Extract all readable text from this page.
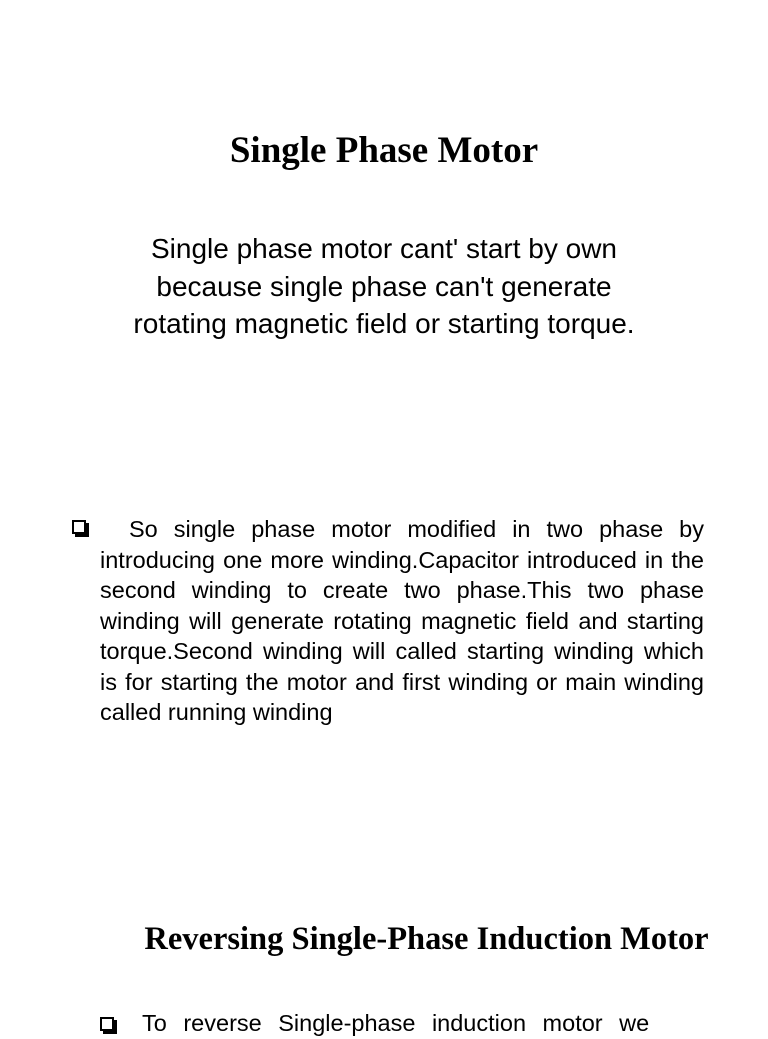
Single Phase Motor

Single phase motor cant' start by own because single phase can't generate rotating magnetic field or starting torque.

So single phase motor modified in two phase by introducing one more winding.Capacitor introduced in the second winding to create two phase.This two phase winding will generate rotating magnetic field and starting torque.Second winding will called starting winding which is for starting the motor and first winding or main winding called running winding

Reversing Single-Phase Induction Motor

To reverse Single-phase induction motor we
